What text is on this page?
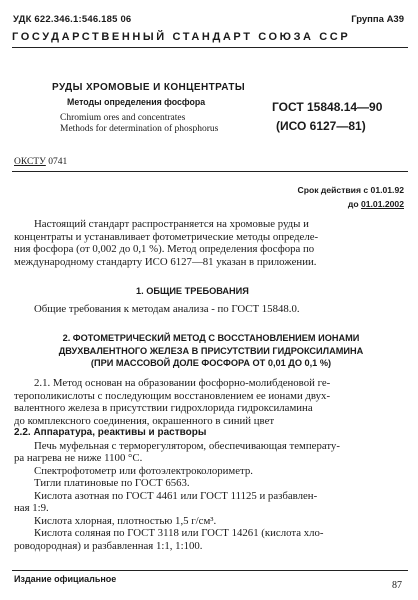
УДК 622.346.1:546.185 06	Группа А39
ГОСУДАРСТВЕННЫЙ СТАНДАРТ СОЮЗА ССР
РУДЫ ХРОМОВЫЕ И КОНЦЕНТРАТЫ
Методы определения фосфора
Chromium ores and concentrates
Methods for determination of phosphorus
ГОСТ 15848.14—90
(ИСО 6127—81)
ОКСТУ 0741
Срок действия с 01.01.92
до 01.01.2002
Настоящий стандарт распространяется на хромовые руды и
концентраты и устанавливает фотометрические методы определе-
ния фосфора (от 0,002 до 0,1 %). Метод определения фосфора по
международному стандарту ИСО 6127—81 указан в приложении.
1. ОБЩИЕ ТРЕБОВАНИЯ
Общие требования к методам анализа - по ГОСТ 15848.0.
2. ФОТОМЕТРИЧЕСКИЙ МЕТОД С ВОССТАНОВЛЕНИЕМ ИОНАМИ
ДВУХВАЛЕНТНОГО ЖЕЛЕЗА В ПРИСУТСТВИИ ГИДРОКСИЛАМИНА
(ПРИ МАССОВОЙ ДОЛЕ ФОСФОРА ОТ 0,01 ДО 0,1 %)
2.1. Метод основан на образовании фосфорно-молибденовой ге-
терополикислоты с последующим восстановлением ее ионами двух-
валентного железа в присутствии гидрохлорида гидроксиламина
до комплексного соединения, окрашенного в синий цвет
2.2. Аппаратура, реактивы и растворы
Печь муфельная с терморегулятором, обеспечивающая температу-
ра нагрева не ниже 1100 °C.
Спектрофотометр или фотоэлектроколориметр.
Тигли платиновые по ГОСТ 6563.
Кислота азотная по ГОСТ 4461 или ГОСТ 11125 и разбавлен-
ная 1:9.
Кислота хлорная, плотностью 1,5 г/см³.
Кислота соляная по ГОСТ 3118 или ГОСТ 14261 (кислота хло-
роводородная) и разбавленная 1:1, 1:100.
Издание официальное
87
